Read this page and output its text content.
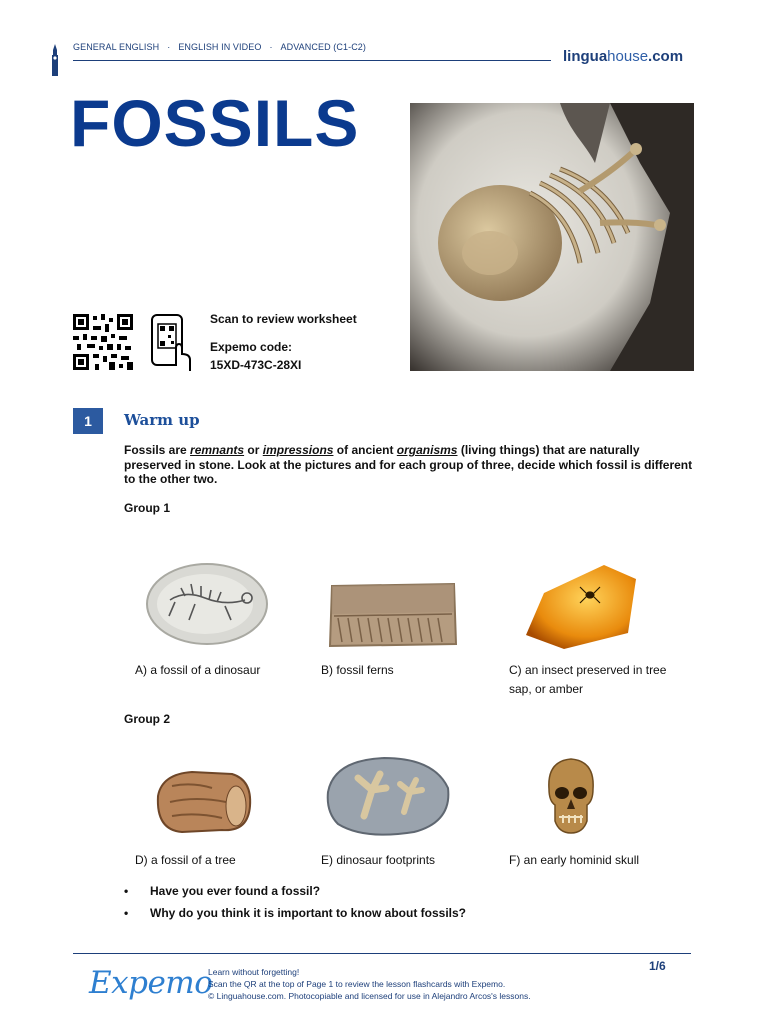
GENERAL ENGLISH · ENGLISH IN VIDEO · ADVANCED (C1-C2)
linguahouse.com
FOSSILS
Scan to review worksheet
Expemo code:
15XD-473C-28XI
1	Warm up
Fossils are remnants or impressions of ancient organisms (living things) that are naturally preserved in stone. Look at the pictures and for each group of three, decide which fossil is different to the other two.
Group 1
A) a fossil of a dinosaur	B) fossil ferns	C) an insect preserved in tree sap, or amber
Group 2
D) a fossil of a tree	E) dinosaur footprints	F) an early hominid skull
•	Have you ever found a fossil?
•	Why do you think it is important to know about fossils?
Expemo
Learn without forgetting!
Scan the QR at the top of Page 1 to review the lesson flashcards with Expemo.
© Linguahouse.com. Photocopiable and licensed for use in Alejandro Arcos's lessons.
1/6
